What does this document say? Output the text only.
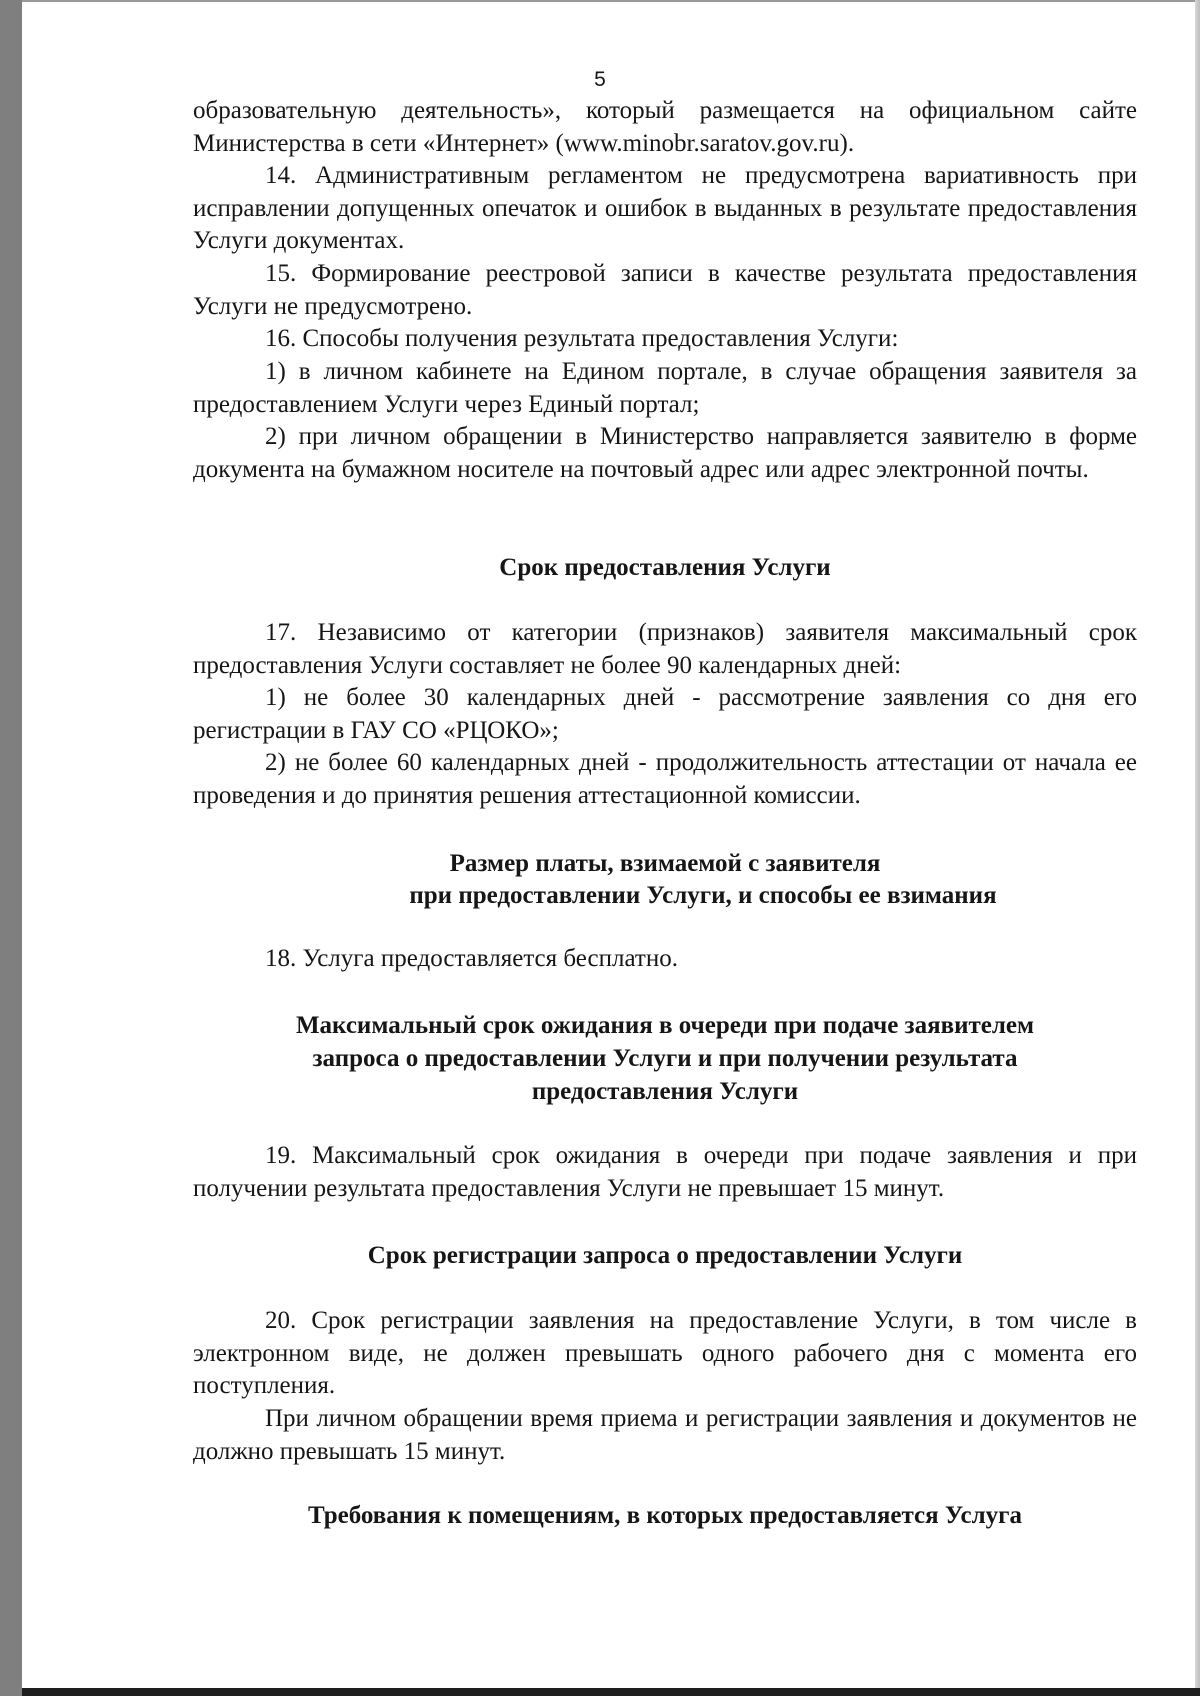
5

образовательную деятельность», который размещается на официальном сайте Министерства в сети «Интернет» (www.minobr.saratov.gov.ru).

14. Административным регламентом не предусмотрена вариативность при исправлении допущенных опечаток и ошибок в выданных в результате предоставления Услуги документах.

15. Формирование реестровой записи в качестве результата предоставления Услуги не предусмотрено.

16. Способы получения результата предоставления Услуги:

1) в личном кабинете на Едином портале, в случае обращения заявителя за предоставлением Услуги через Единый портал;

2) при личном обращении в Министерство направляется заявителю в форме документа на бумажном носителе на почтовый адрес или адрес электронной почты.

Срок предоставления Услуги

17. Независимо от категории (признаков) заявителя максимальный срок предоставления Услуги составляет не более 90 календарных дней:

1) не более 30 календарных дней - рассмотрение заявления со дня его регистрации в ГАУ СО «РЦОКО»;

2) не более 60 календарных дней - продолжительность аттестации от начала ее проведения и до принятия решения аттестационной комиссии.

Размер платы, взимаемой с заявителя

при предоставлении Услуги, и способы ее взимания

18. Услуга предоставляется бесплатно.

Максимальный срок ожидания в очереди при подаче заявителем

запроса о предоставлении Услуги и при получении результата

предоставления Услуги

19. Максимальный срок ожидания в очереди при подаче заявления и при получении результата предоставления Услуги не превышает 15 минут.

Срок регистрации запроса о предоставлении Услуги

20. Срок регистрации заявления на предоставление Услуги, в том числе в электронном виде, не должен превышать одного рабочего дня с момента его поступления.

При личном обращении время приема и регистрации заявления и документов не должно превышать 15 минут.

Требования к помещениям, в которых предоставляется Услуга
